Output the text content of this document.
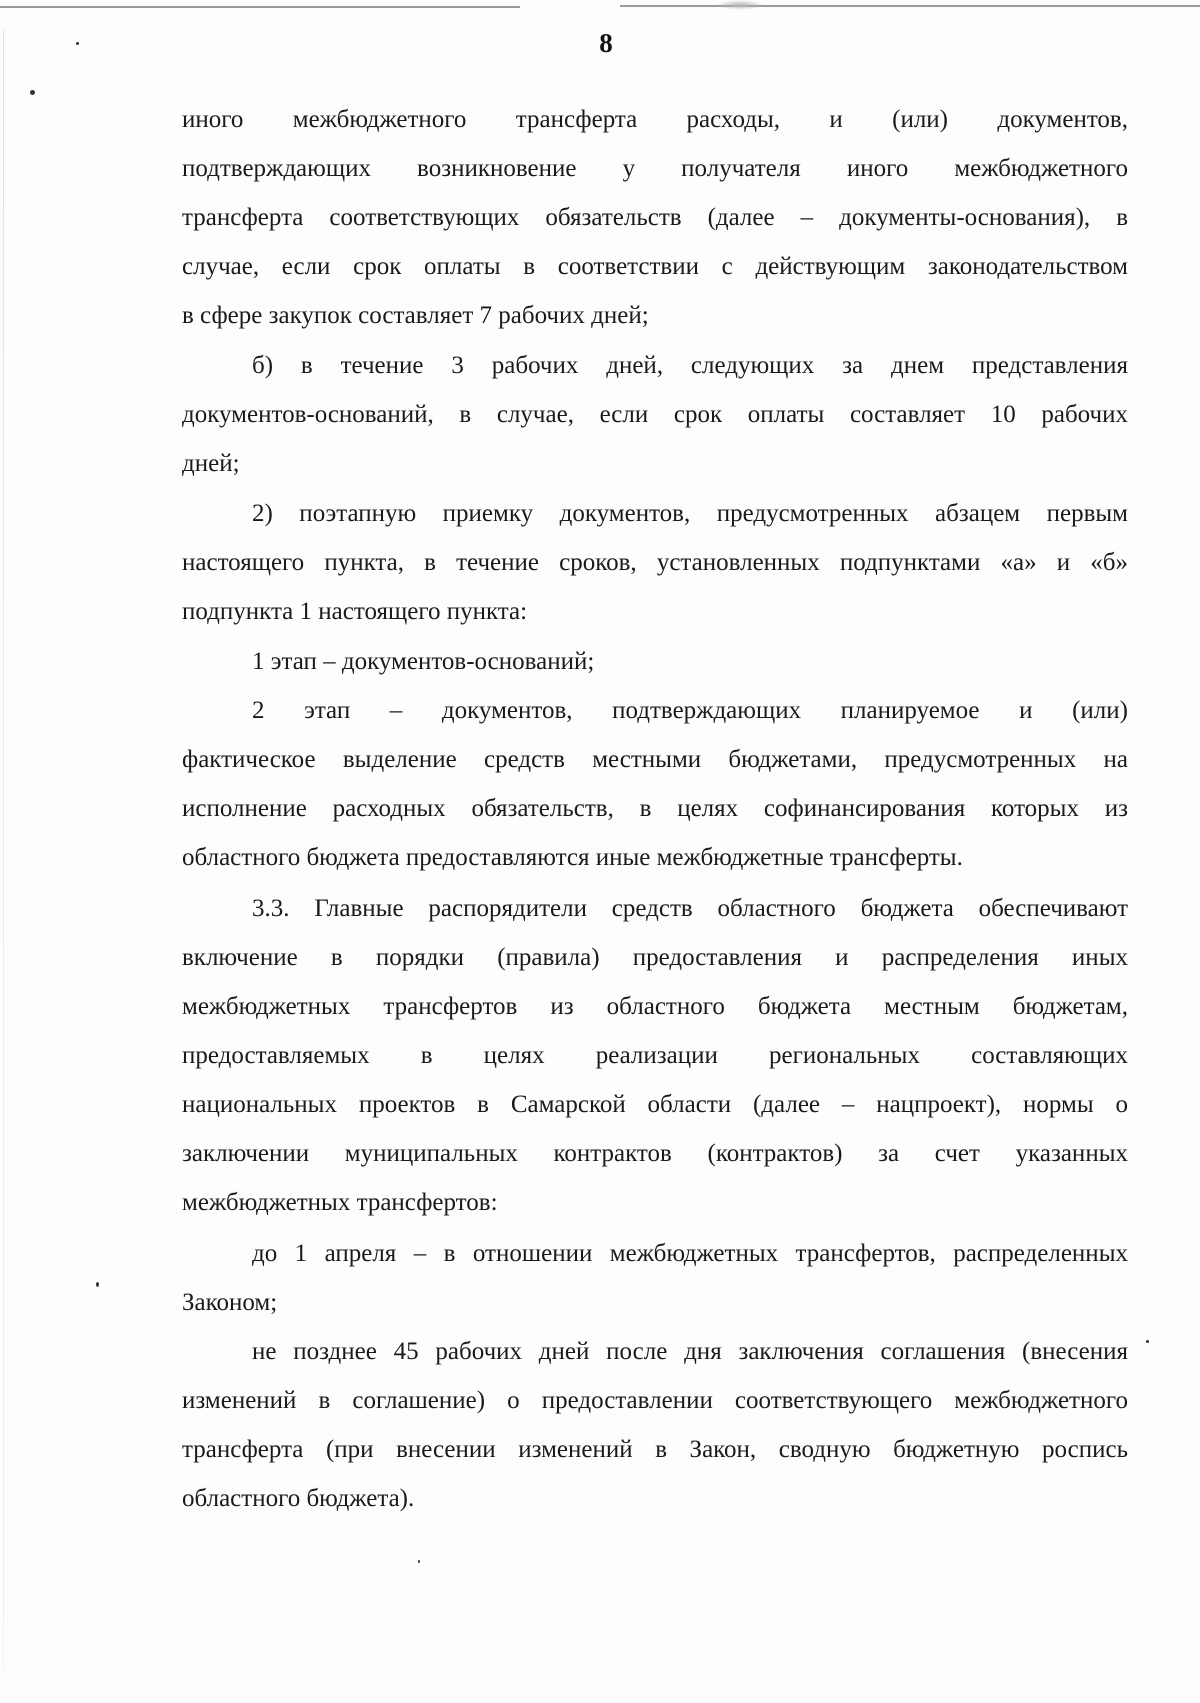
8
иного межбюджетного трансферта расходы, и (или) документов,
подтверждающих возникновение у получателя иного межбюджетного
трансферта соответствующих обязательств (далее – документы-основания), в
случае, если срок оплаты в соответствии с действующим законодательством
в сфере закупок составляет 7 рабочих дней;
б) в течение 3 рабочих дней, следующих за днем представления
документов-оснований, в случае, если срок оплаты составляет 10 рабочих
дней;
2) поэтапную приемку документов, предусмотренных абзацем первым
настоящего пункта, в течение сроков, установленных подпунктами «а» и «б»
подпункта 1 настоящего пункта:
1 этап – документов-оснований;
2 этап – документов, подтверждающих планируемое и (или)
фактическое выделение средств местными бюджетами, предусмотренных на
исполнение расходных обязательств, в целях софинансирования которых из
областного бюджета предоставляются иные межбюджетные трансферты.
3.3. Главные распорядители средств областного бюджета обеспечивают
включение в порядки (правила) предоставления и распределения иных
межбюджетных трансфертов из областного бюджета местным бюджетам,
предоставляемых в целях реализации региональных составляющих
национальных проектов в Самарской области (далее – нацпроект), нормы о
заключении муниципальных контрактов (контрактов) за счет указанных
межбюджетных трансфертов:
до 1 апреля – в отношении межбюджетных трансфертов, распределенных
Законом;
не позднее 45 рабочих дней после дня заключения соглашения (внесения
изменений в соглашение) о предоставлении соответствующего межбюджетного
трансферта (при внесении изменений в Закон, сводную бюджетную роспись
областного бюджета).
